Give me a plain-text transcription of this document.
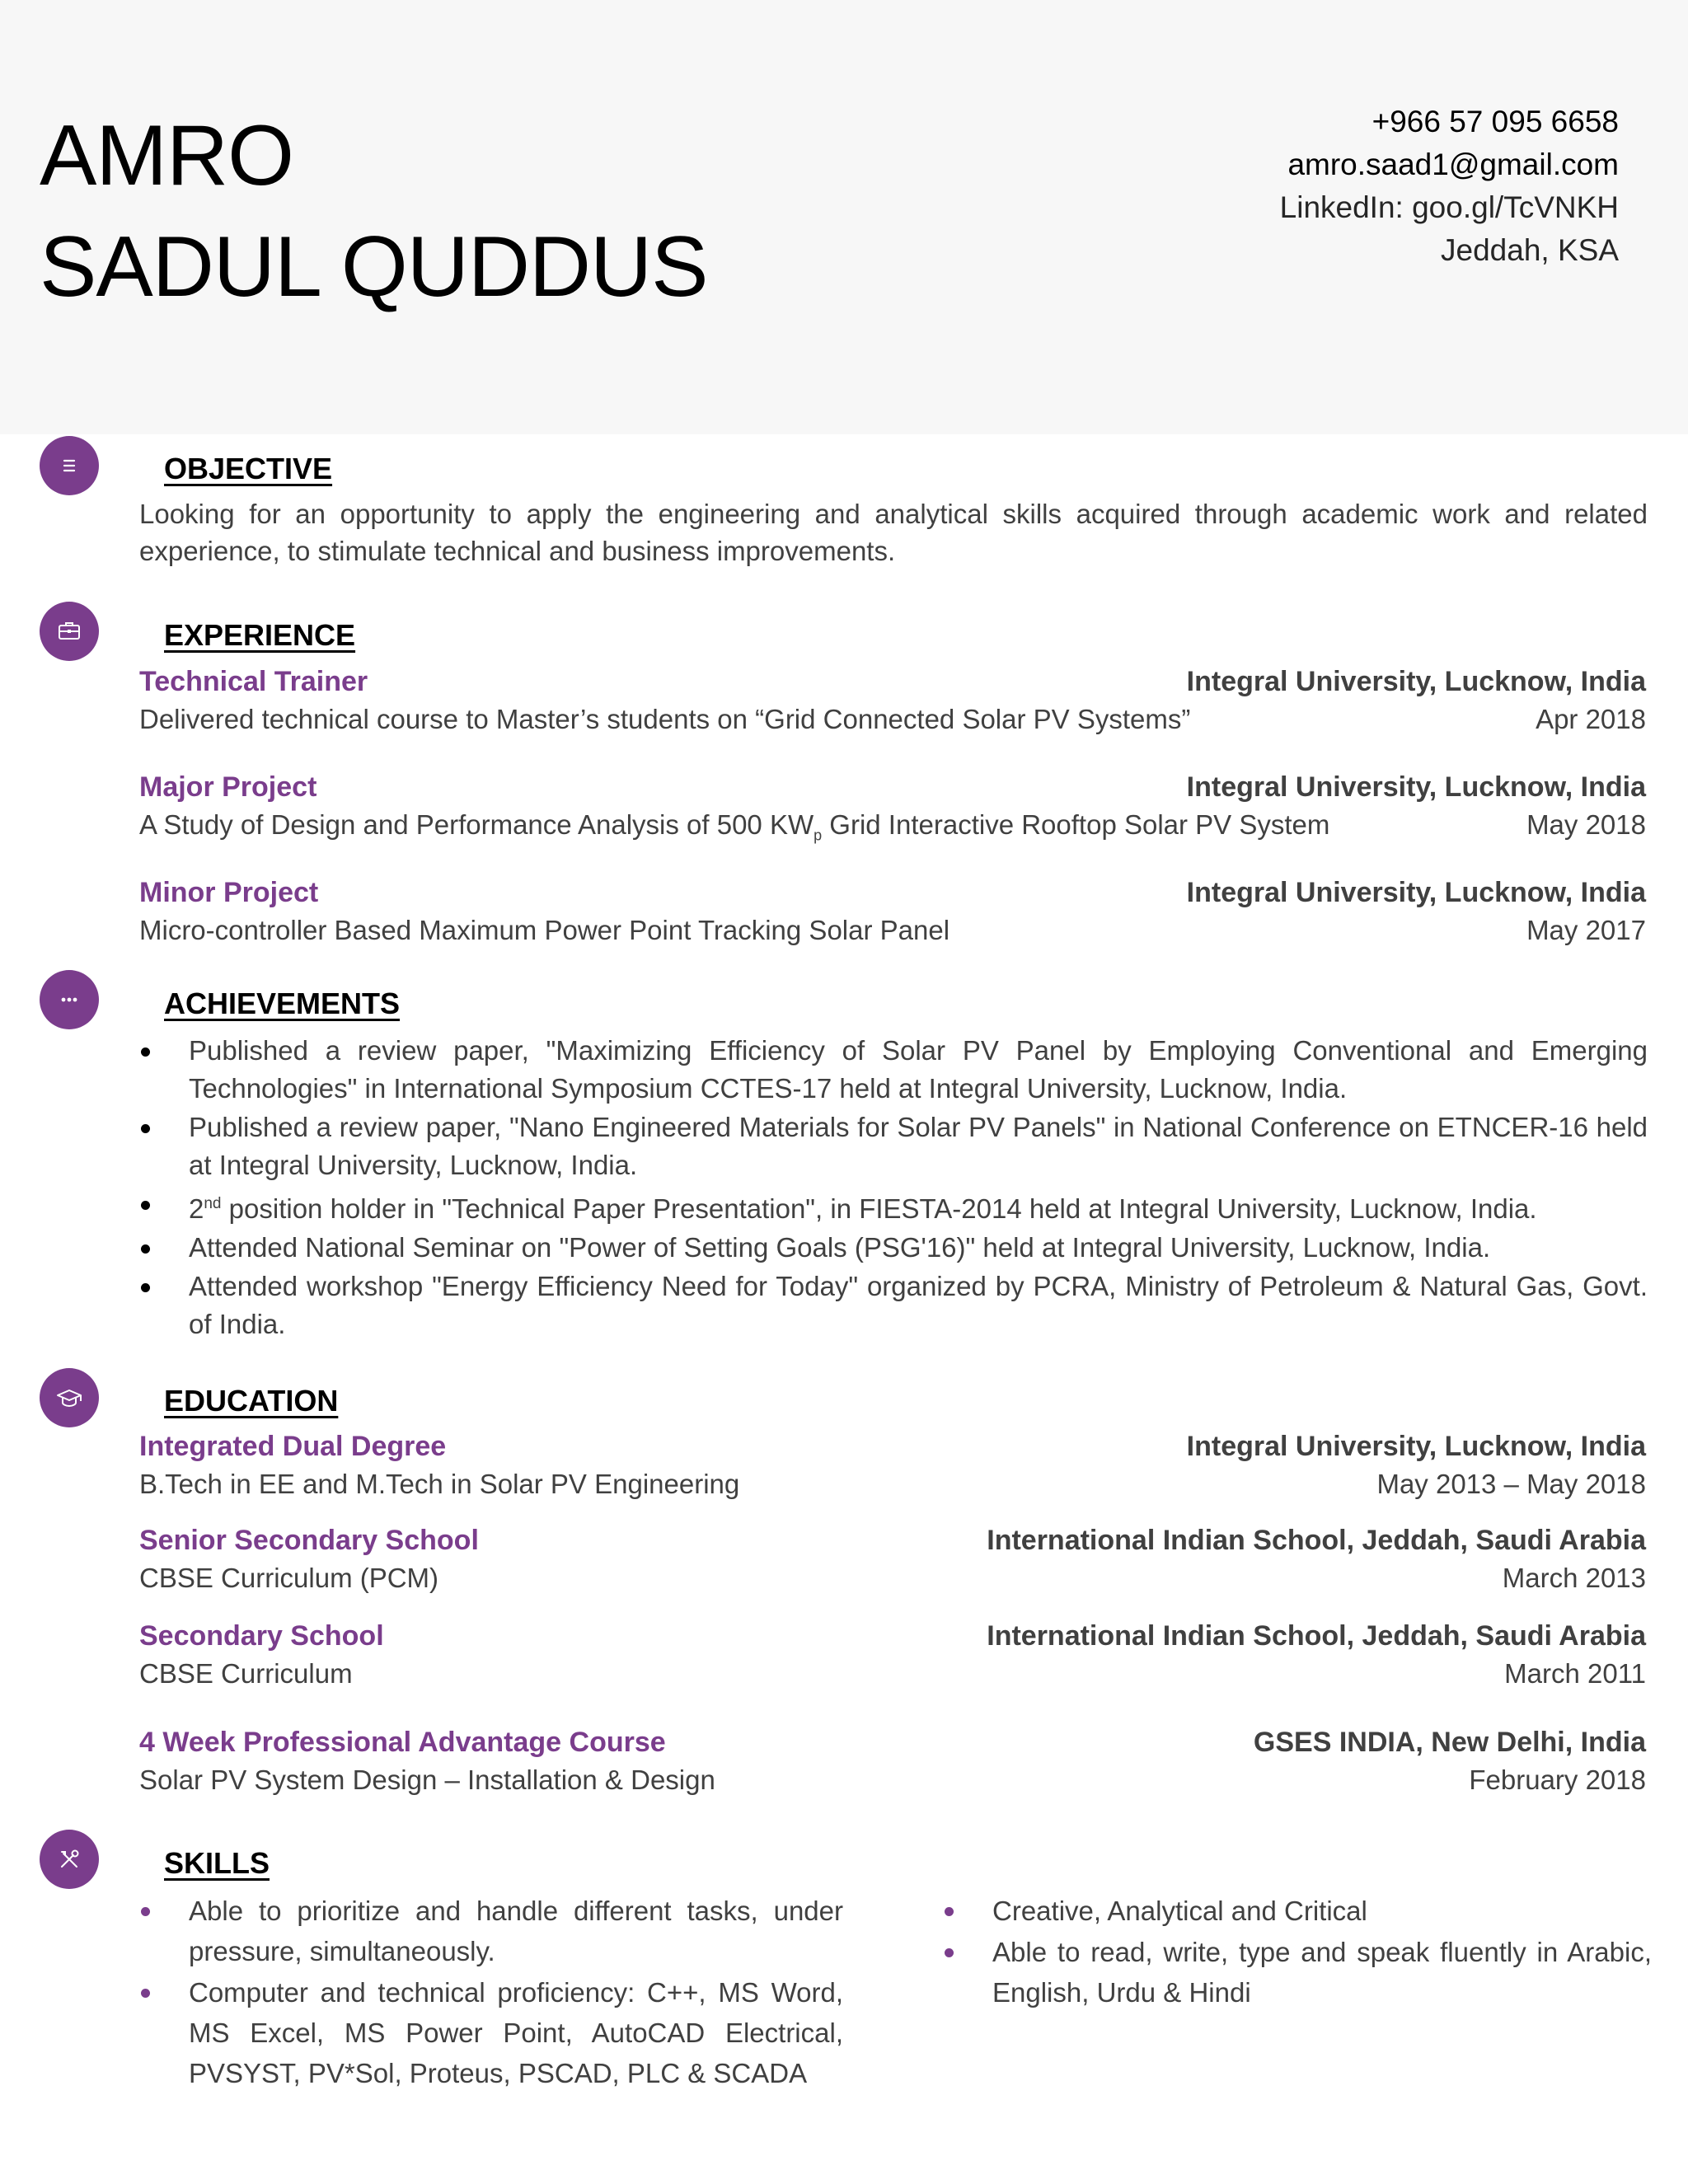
AMRO
SADUL QUDDUS
+966 57 095 6658
amro.saad1@gmail.com
LinkedIn: goo.gl/TcVNKH
Jeddah, KSA
OBJECTIVE

Looking for an opportunity to apply the engineering and analytical skills acquired through academic work and related experience, to stimulate technical and business improvements.

EXPERIENCE
Technical Trainer	Integral University, Lucknow, India
Delivered technical course to Master’s students on “Grid Connected Solar PV Systems”	Apr 2018
Major Project	Integral University, Lucknow, India
A Study of Design and Performance Analysis of 500 $KW_p$ Grid Interactive Rooftop Solar PV System	May 2018
Minor Project	Integral University, Lucknow, India
Micro-controller Based Maximum Power Point Tracking Solar Panel	May 2017
ACHIEVEMENTS
Published a review paper, "Maximizing Efficiency of Solar PV Panel by Employing Conventional and Emerging Technologies" in International Symposium CCTES-17 held at Integral University, Lucknow, India.
Published a review paper, "Nano Engineered Materials for Solar PV Panels" in National Conference on ETNCER-16 held at Integral University, Lucknow, India.
2nd position holder in "Technical Paper Presentation", in FIESTA-2014 held at Integral University, Lucknow, India.
Attended National Seminar on "Power of Setting Goals (PSG'16)" held at Integral University, Lucknow, India.
Attended workshop "Energy Efficiency Need for Today" organized by PCRA, Ministry of Petroleum & Natural Gas, Govt. of India.
EDUCATION
Integrated Dual Degree	Integral University, Lucknow, India
B.Tech in EE and M.Tech in Solar PV Engineering	May 2013 – May 2018
Senior Secondary School	International Indian School, Jeddah, Saudi Arabia
CBSE Curriculum (PCM)	March 2013
Secondary School	International Indian School, Jeddah, Saudi Arabia
CBSE Curriculum	March 2011
4 Week Professional Advantage Course	GSES INDIA, New Delhi, India
Solar PV System Design – Installation & Design	February 2018
SKILLS
Able to prioritize and handle different tasks, under pressure, simultaneously.
Computer and technical proficiency: C++, MS Word, MS Excel, MS Power Point, AutoCAD Electrical, PVSYST, PV*Sol, Proteus, PSCAD, PLC & SCADA
Creative, Analytical and Critical
Able to read, write, type and speak fluently in Arabic, English, Urdu & Hindi
